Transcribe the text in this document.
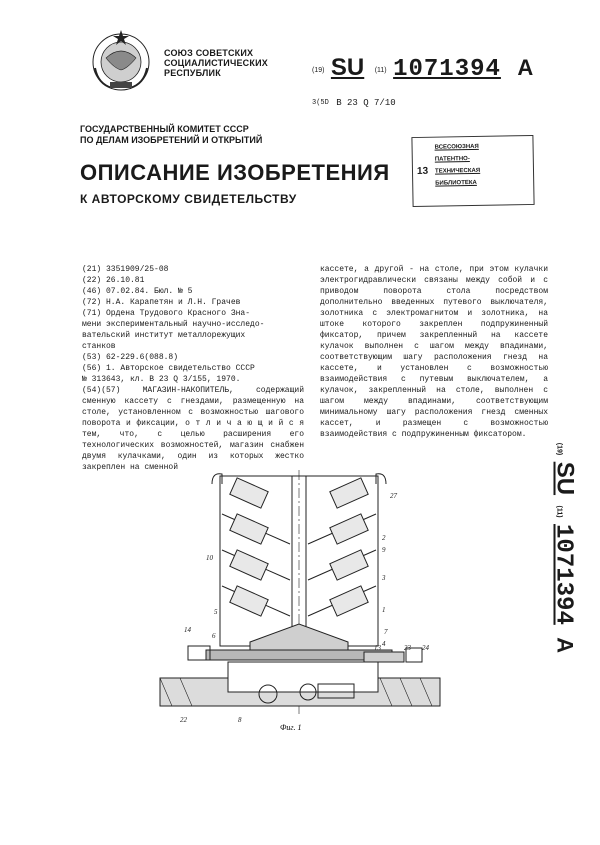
СОЮЗ СОВЕТСКИХ
СОЦИАЛИСТИЧЕСКИХ
РЕСПУБЛИК	(19) SU (11) 1071394 A
3(5D В 23 Q 7/10
ГОСУДАРСТВЕННЫЙ КОМИТЕТ СССР
ПО ДЕЛАМ ИЗОБРЕТЕНИЙ И ОТКРЫТИЙ
13
ВСЕСОЮЗНАЯ
ПАТЕНТНО-
ТЕХНИЧЕСКАЯ
БИБЛИОТЕКА
ОПИСАНИЕ ИЗОБРЕТЕНИЯ
К АВТОРСКОМУ СВИДЕТЕЛЬСТВУ
(21) 3351909/25-08
(22) 26.10.81
(46) 07.02.84. Бюл. № 5
(72) Н.А. Карапетян и Л.Н. Грачев
(71) Ордена Трудового Красного Зна-
мени экспериментальный научно-исследо-
вательский институт металлорежущих
станков
(53) 62-229.6(088.8)
(56) 1. Авторское свидетельство СССР
№ 313643, кл. В 23 Q 3/155, 1970.
(54)(57) МАГАЗИН-НАКОПИТЕЛЬ, содержащий сменную кассету с гнездами, размещенную на столе, установленном с возможностью шагового поворота и фиксации, о т л и ч а ю щ и й с я тем, что, с целью расширения его технологических возможностей, магазин снабжен двумя кулачками, один из которых жестко закреплен на сменной
кассете, а другой - на столе, при этом кулачки электрогидравлически связаны между собой и с приводом поворота стола посредством дополнительно введенных путевого выключателя, золотника с электромагнитом и золотника, на штоке которого закреплен подпружиненный фиксатор, причем закрепленный на кассете кулачок выполнен с шагом между впадинами, соответствующим шагу расположения гнезд на кассете, и установлен с возможностью взаимодействия с путевым выключателем, а кулачок, закрепленный на столе, выполнен с шагом между впадинами, соответствующим минимальному шагу расположения гнезд сменных кассет, и размещен с возможностью взаимодействия с подпружиненным фиксатором.
(19) SU (11) 1071394 A
27
2
9
3
1
10
5
7
4
14
6
13	23 24
22	8
Фиг. 1
